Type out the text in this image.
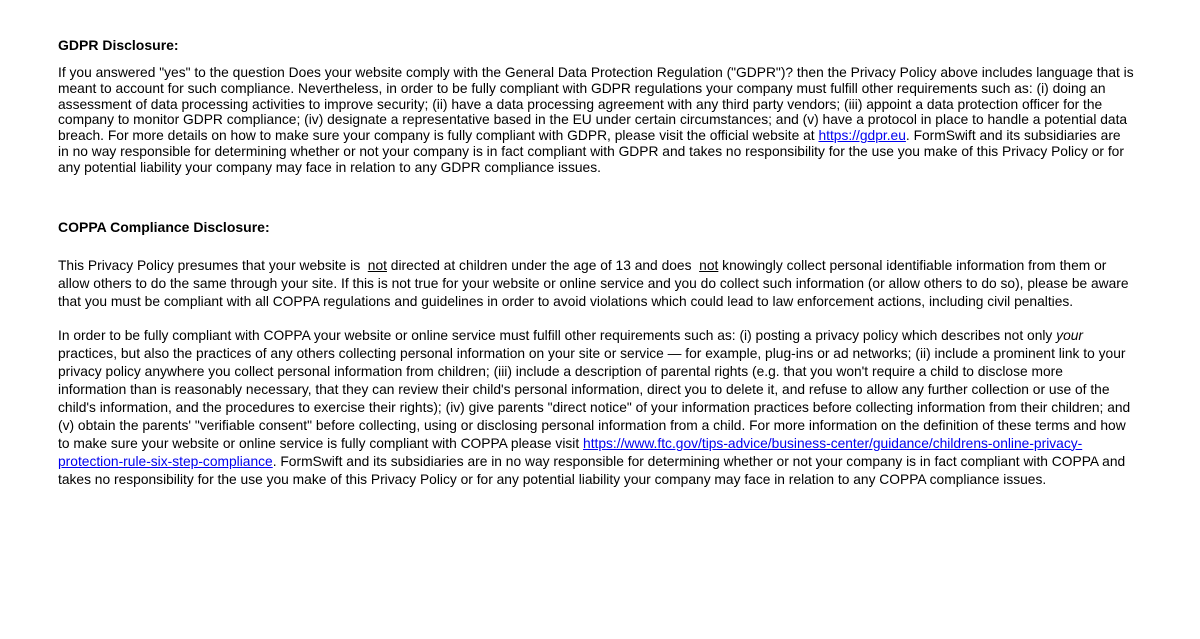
GDPR Disclosure:

If you answered "yes" to the question Does your website comply with the General Data Protection Regulation ("GDPR")? then the Privacy Policy above includes language that is meant to account for such compliance. Nevertheless, in order to be fully compliant with GDPR regulations your company must fulfill other requirements such as: (i) doing an assessment of data processing activities to improve security; (ii) have a data processing agreement with any third party vendors; (iii) appoint a data protection officer for the company to monitor GDPR compliance; (iv) designate a representative based in the EU under certain circumstances; and (v) have a protocol in place to handle a potential data breach. For more details on how to make sure your company is fully compliant with GDPR, please visit the official website at https://gdpr.eu. FormSwift and its subsidiaries are in no way responsible for determining whether or not your company is in fact compliant with GDPR and takes no responsibility for the use you make of this Privacy Policy or for any potential liability your company may face in relation to any GDPR compliance issues.

COPPA Compliance Disclosure:

This Privacy Policy presumes that your website is  not directed at children under the age of 13 and does  not knowingly collect personal identifiable information from them or allow others to do the same through your site. If this is not true for your website or online service and you do collect such information (or allow others to do so), please be aware that you must be compliant with all COPPA regulations and guidelines in order to avoid violations which could lead to law enforcement actions, including civil penalties.

In order to be fully compliant with COPPA your website or online service must fulfill other requirements such as: (i) posting a privacy policy which describes not only your practices, but also the practices of any others collecting personal information on your site or service — for example, plug-ins or ad networks; (ii) include a prominent link to your privacy policy anywhere you collect personal information from children; (iii) include a description of parental rights (e.g. that you won't require a child to disclose more information than is reasonably necessary, that they can review their child's personal information, direct you to delete it, and refuse to allow any further collection or use of the child's information, and the procedures to exercise their rights); (iv) give parents "direct notice" of your information practices before collecting information from their children; and (v) obtain the parents' "verifiable consent" before collecting, using or disclosing personal information from a child. For more information on the definition of these terms and how to make sure your website or online service is fully compliant with COPPA please visit https://www.ftc.gov/tips-advice/business-center/guidance/childrens-online-privacy-protection-rule-six-step-compliance. FormSwift and its subsidiaries are in no way responsible for determining whether or not your company is in fact compliant with COPPA and takes no responsibility for the use you make of this Privacy Policy or for any potential liability your company may face in relation to any COPPA compliance issues.
